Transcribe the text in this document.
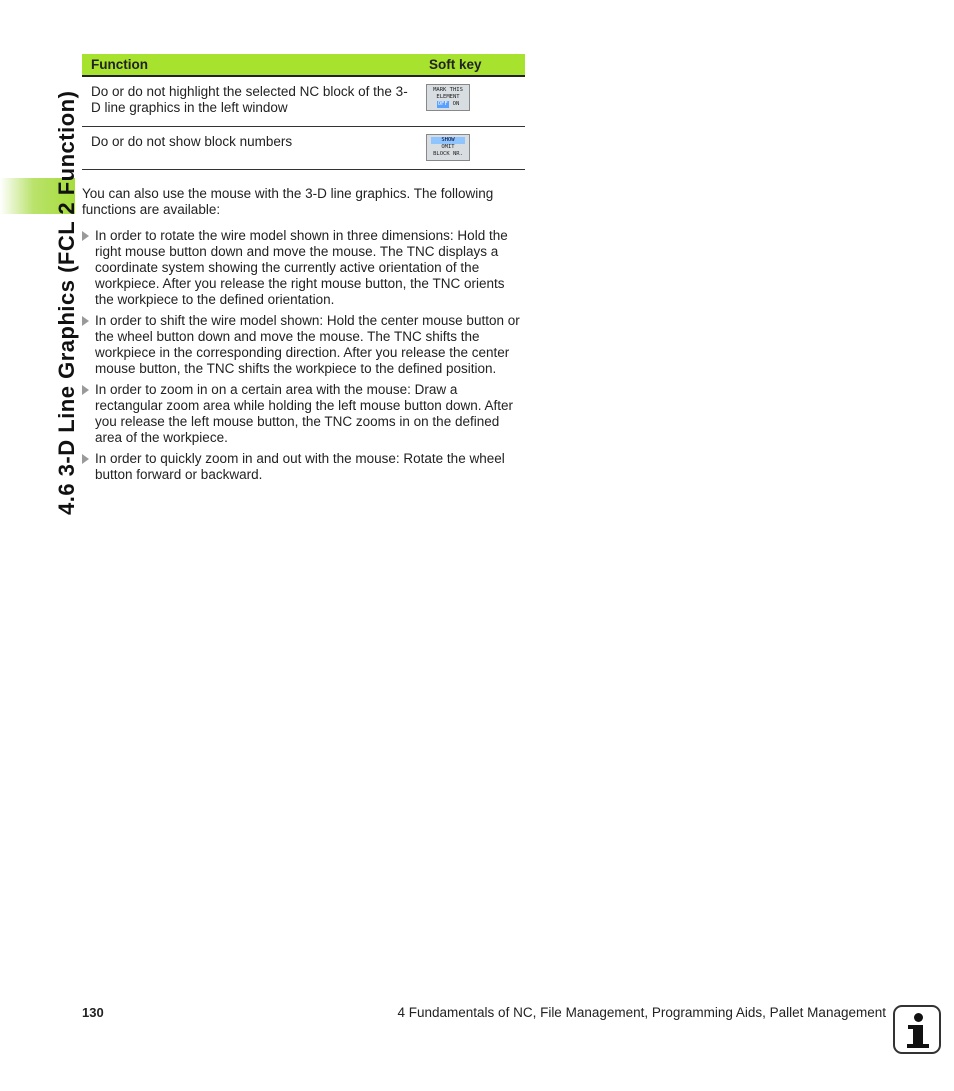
4.6 3-D Line Graphics (FCL 2 Function)
Function	Soft key
Do or do not highlight the selected NC block of the 3-D line graphics in the left window	MARK THIS
ELEMENT
OFF ON

Do or do not show block numbers	SHOW
OMIT
BLOCK NR.

You can also use the mouse with the 3-D line graphics. The following functions are available:

In order to rotate the wire model shown in three dimensions: Hold the right mouse button down and move the mouse. The TNC displays a coordinate system showing the currently active orientation of the workpiece. After you release the right mouse button, the TNC orients the workpiece to the defined orientation.
In order to shift the wire model shown: Hold the center mouse button or the wheel button down and move the mouse. The TNC shifts the workpiece in the corresponding direction. After you release the center mouse button, the TNC shifts the workpiece to the defined position.
In order to zoom in on a certain area with the mouse: Draw a rectangular zoom area while holding the left mouse button down. After you release the left mouse button, the TNC zooms in on the defined area of the workpiece.
In order to quickly zoom in and out with the mouse: Rotate the wheel button forward or backward.
130	4 Fundamentals of NC, File Management, Programming Aids, Pallet Management
